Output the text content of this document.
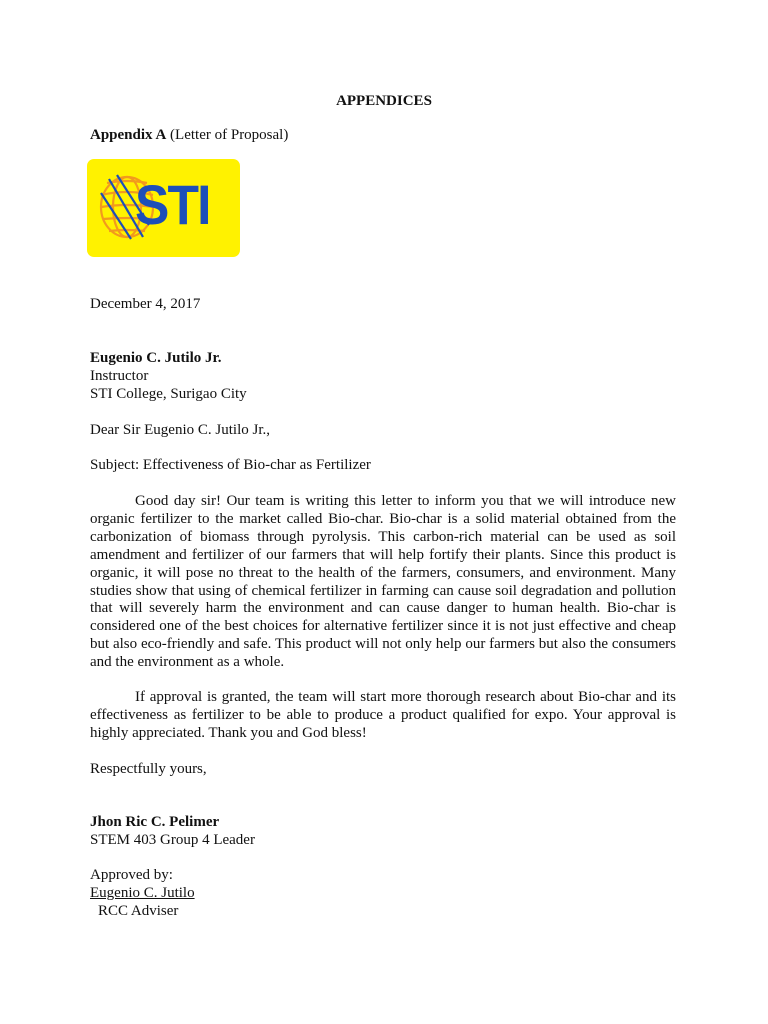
APPENDICES
Appendix A (Letter of Proposal)
STI
December 4, 2017
Eugenio C. Jutilo Jr.
Instructor
STI College, Surigao City
Dear Sir Eugenio C. Jutilo Jr.,
Subject: Effectiveness of Bio-char as Fertilizer
Good day sir! Our team is writing this letter to inform you that we will introduce new organic fertilizer to the market called Bio-char. Bio-char is a solid material obtained from the carbonization of biomass through pyrolysis. This carbon-rich material can be used as soil amendment and fertilizer of our farmers that will help fortify their plants. Since this product is organic, it will pose no threat to the health of the farmers, consumers, and environment. Many studies show that using of chemical fertilizer in farming can cause soil degradation and pollution that will severely harm the environment and can cause danger to human health. Bio-char is considered one of the best choices for alternative fertilizer since it is not just effective and cheap but also eco-friendly and safe. This product will not only help our farmers but also the consumers and the environment as a whole.
If approval is granted, the team will start more thorough research about Bio-char and its effectiveness as fertilizer to be able to produce a product qualified for expo. Your approval is highly appreciated. Thank you and God bless!
Respectfully yours,
Jhon Ric C. Pelimer
STEM 403 Group 4 Leader
Approved by:
Eugenio C. Jutilo
RCC Adviser
